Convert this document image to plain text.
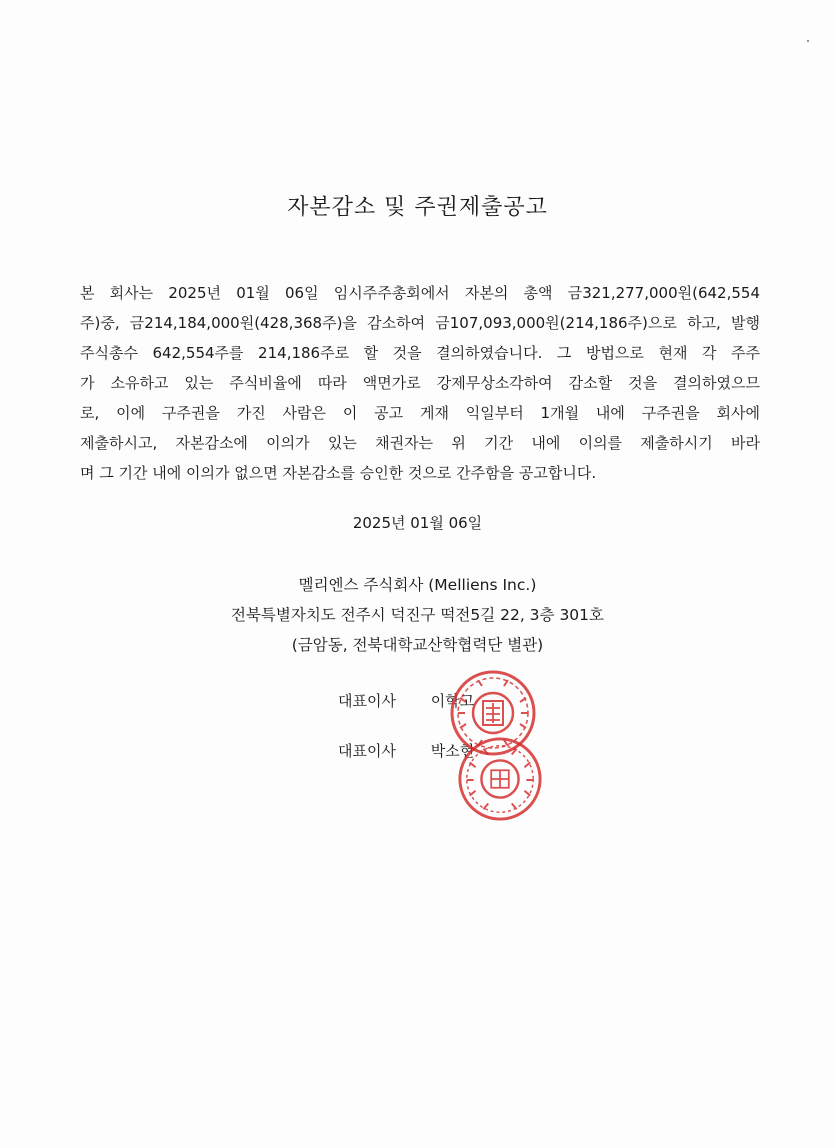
자본감소 및 주권제출공고
본 회사는 2025년 01월 06일 임시주주총회에서 자본의 총액 금321,277,000원(642,554
주)중, 금214,184,000원(428,368주)을 감소하여 금107,093,000원(214,186주)으로 하고, 발행
주식총수 642,554주를 214,186주로 할 것을 결의하였습니다. 그 방법으로 현재 각 주주
가 소유하고 있는 주식비율에 따라 액면가로 강제무상소각하여 감소할 것을 결의하였으므
로, 이에 구주권을 가진 사람은 이 공고 게재 익일부터 1개월 내에 구주권을 회사에
제출하시고, 자본감소에 이의가 있는 채권자는 위 기간 내에 이의를 제출하시기 바라
며 그 기간 내에 이의가 없으면 자본감소를 승인한 것으로 간주함을 공고합니다.
2025년 01월 06일
멜리엔스 주식회사 (Melliens Inc.)
전북특별자치도 전주시 덕진구 떡전5길 22, 3층 301호
(금암동, 전북대학교산학협력단 별관)
대표이사 이학고
대표이사 박소현
